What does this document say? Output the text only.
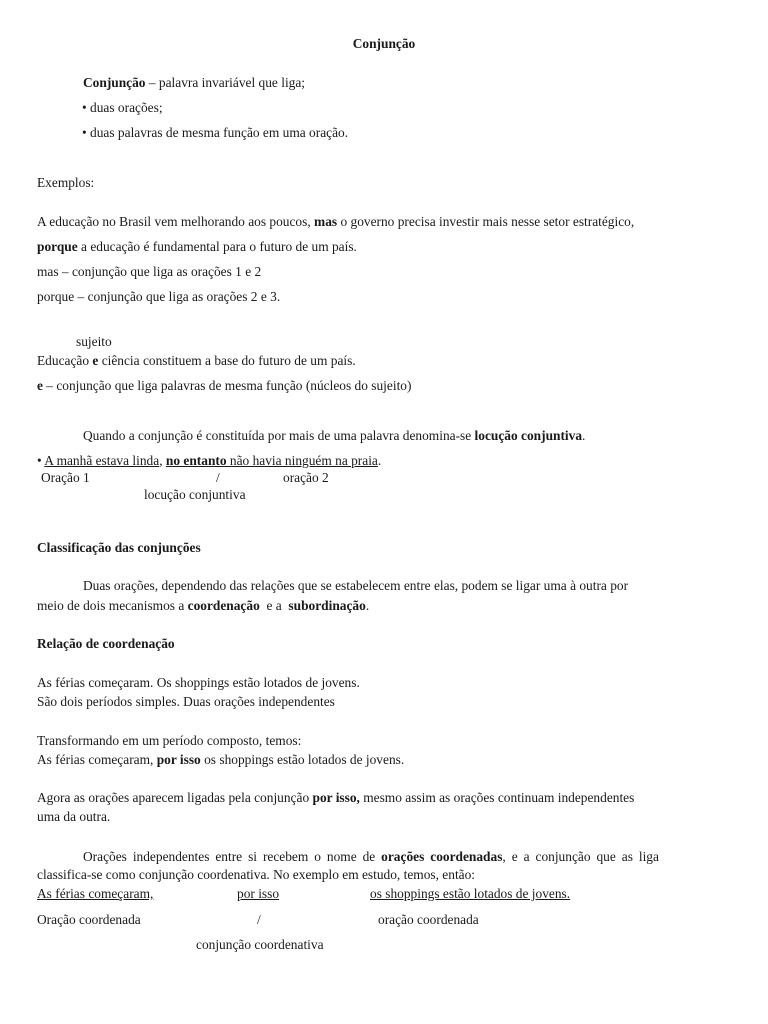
Conjunção
Conjunção – palavra invariável que liga;
• duas orações;
• duas palavras de mesma função em uma oração.
Exemplos:
A educação no Brasil vem melhorando aos poucos, mas o governo precisa investir mais nesse setor estratégico,
porque a educação é fundamental para o futuro de um país.
mas – conjunção que liga as orações 1 e 2
porque – conjunção que liga as orações 2 e 3.
sujeito
Educação e ciência constituem a base do futuro de um país.
e – conjunção que liga palavras de mesma função (núcleos do sujeito)
Quando a conjunção é constituída por mais de uma palavra denomina-se locução conjuntiva.
• A manhã estava linda, no entanto não havia ninguém na praia.
Oração 1	/	oração 2
locução conjuntiva
Classificação das conjunções
Duas orações, dependendo das relações que se estabelecem entre elas, podem se ligar uma à outra por
meio de dois mecanismos a coordenação  e a  subordinação.
Relação de coordenação
As férias começaram. Os shoppings estão lotados de jovens.
São dois períodos simples. Duas orações independentes
Transformando em um período composto, temos:
As férias começaram, por isso os shoppings estão lotados de jovens.
Agora as orações aparecem ligadas pela conjunção por isso, mesmo assim as orações continuam independentes
uma da outra.
Orações independentes entre si recebem o nome de orações coordenadas, e a conjunção que as liga
classifica-se como conjunção coordenativa. No exemplo em estudo, temos, então:
As férias começaram,	por isso	os shoppings estão lotados de jovens.
Oração coordenada	/	oração coordenada
conjunção coordenativa
